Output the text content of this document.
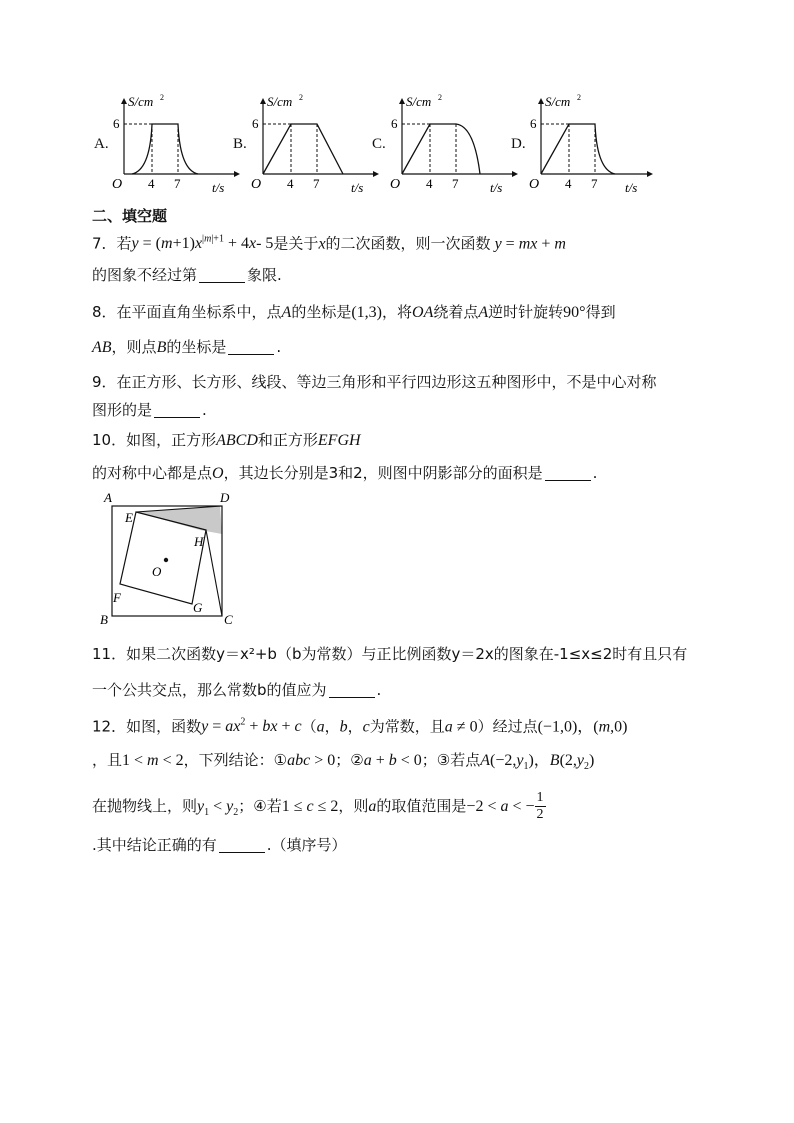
A.
S/cm 2
6
O 4 7 t/s
B.
S/cm 2
6
O 4 7 t/s
C.
S/cm 2
6
O 4 7 t/s
D.
S/cm 2
6
O 4 7 t/s
二、填空题
7．若$y = (m+1)x^{|m|+1} + 4x-$ 5是关于x的二次函数，则一次函数 y = mx + m
的图象不经过第	象限.
8．在平面直角坐标系中，点A的坐标是(1,3)，将OA绕着点A逆时针旋转90°得到
AB，则点B的坐标是	.
9．在正方形、长方形、线段、等边三角形和平行四边形这五种图形中，不是中心对称
图形的是	.
10．如图，正方形ABCD和正方形EFGH
的对称中心都是点O，其边长分别是3和2，则图中阴影部分的面积是	.
A	D
E
H
O
F
G
B	C
11．如果二次函数y＝x²+b（b为常数）与正比例函数y＝2x的图象在-1≤x≤2时有且只有
一个公共交点，那么常数b的值应为	.
12．如图，函数$y = ax^2$ + bx + c（a，b，c为常数，且a ≠ 0）经过点(−1,0)，(m,0)
，且1 < m < 2，下列结论：①abc > 0；②a + b < 0；③若点$A(-2,y_1)$，$B(2,y_2)$
在抛物线上，则$y_1 < y_2$；④若1 ≤ c ≤ 2，则a的取值范围是−2 < a < − $\frac{1}{2}$
.其中结论正确的有	.（填序号）
